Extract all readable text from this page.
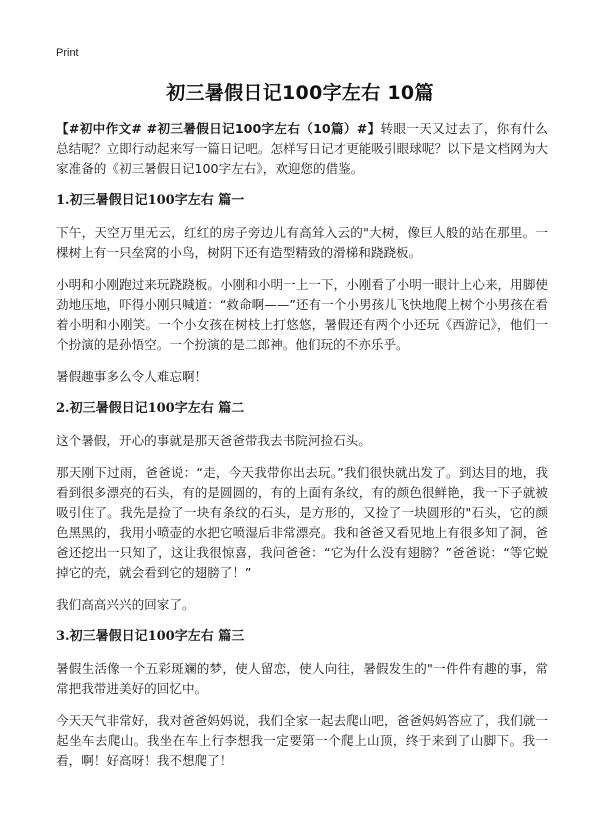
Print

初三暑假日记100字左右 10篇

【#初中作文# #初三暑假日记100字左右（10篇）#】转眼一天又过去了，你有什么总结呢？立即行动起来写一篇日记吧。怎样写日记才更能吸引眼球呢？以下是文档网为大家准备的《初三暑假日记100字左右》，欢迎您的借鉴。

1.初三暑假日记100字左右 篇一

下午，天空万里无云，红红的房子旁边儿有高耸入云的"大树，像巨人般的站在那里。一棵树上有一只垒窝的小鸟，树阴下还有造型精致的滑梯和跷跷板。

小明和小刚跑过来玩跷跷板。小刚和小明一上一下，小刚看了小明一眼计上心来，用脚使劲地压地，吓得小刚只喊道：“救命啊——”还有一个小男孩儿飞快地爬上树个小男孩在看着小明和小刚笑。一个小女孩在树枝上打悠悠，暑假还有两个小还玩《西游记》，他们一个扮演的是孙悟空。一个扮演的是二郎神。他们玩的不亦乐乎。

暑假趣事多么令人难忘啊！

2.初三暑假日记100字左右 篇二

这个暑假，开心的事就是那天爸爸带我去书院河捡石头。

那天刚下过雨，爸爸说：“走，今天我带你出去玩。”我们很快就出发了。到达目的地，我看到很多漂亮的石头，有的是圆圆的，有的上面有条纹，有的颜色很鲜艳，我一下子就被吸引住了。我先是捡了一块有条纹的石头，是方形的，又捡了一块圆形的"石头，它的颜色黑黑的，我用小喷壶的水把它喷湿后非常漂亮。我和爸爸又看见地上有很多知了洞，爸爸还挖出一只知了，这让我很惊喜，我问爸爸：“它为什么没有翅膀？”爸爸说：“等它蜕掉它的壳，就会看到它的翅膀了！”

我们高高兴兴的回家了。

3.初三暑假日记100字左右 篇三

暑假生活像一个五彩斑斓的梦，使人留恋，使人向往，暑假发生的"一件件有趣的事，常常把我带进美好的回忆中。

今天天气非常好，我对爸爸妈妈说，我们全家一起去爬山吧，爸爸妈妈答应了，我们就一起坐车去爬山。我坐在车上行李想我一定要第一个爬上山顶，终于来到了山脚下。我一看，啊！好高呀！我不想爬了！
